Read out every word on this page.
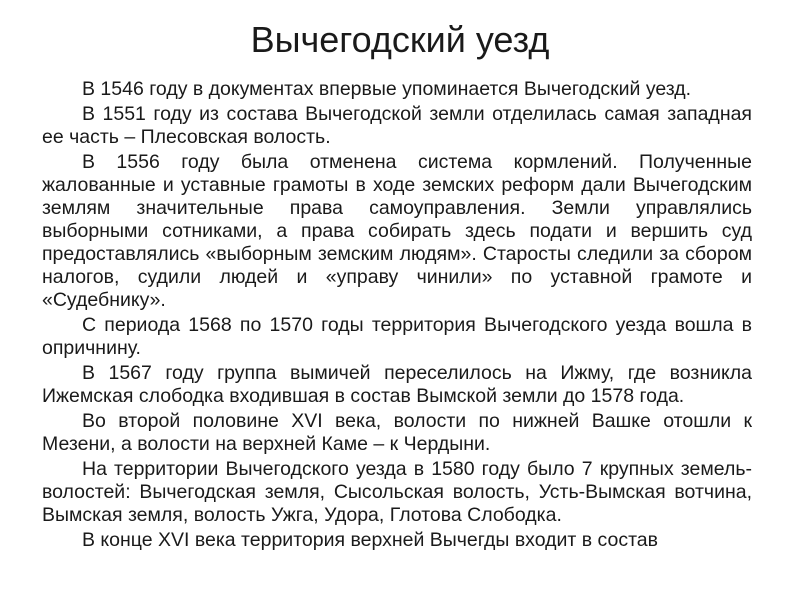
Вычегодский уезд

В 1546 году в документах впервые упоминается Вычегодский уезд.

В 1551 году из состава Вычегодской земли отделилась самая западная ее часть – Плесовская волость.

В 1556 году была отменена система кормлений. Полученные жалованные и уставные грамоты в ходе земских реформ дали Вычегодским землям значительные права самоуправления. Земли управлялись выборными сотниками, а права собирать здесь подати и вершить суд предоставлялись «выборным земским людям». Старосты следили за сбором налогов, судили людей и «управу чинили» по уставной грамоте и «Судебнику».

С периода 1568 по 1570 годы территория Вычегодского уезда вошла в опричнину.

В 1567 году группа вымичей переселилось на Ижму, где возникла Ижемская слободка входившая в состав Вымской земли до 1578 года.

Во второй половине XVI века, волости по нижней Вашке отошли к Мезени, а волости на верхней Каме – к Чердыни.

На территории Вычегодского уезда в 1580 году было 7 крупных земель-волостей: Вычегодская земля, Сысольская волость, Усть-Вымская вотчина, Вымская земля, волость Ужга, Удора, Глотова Слободка.

В конце XVI века территория верхней Вычегды входит в состав
